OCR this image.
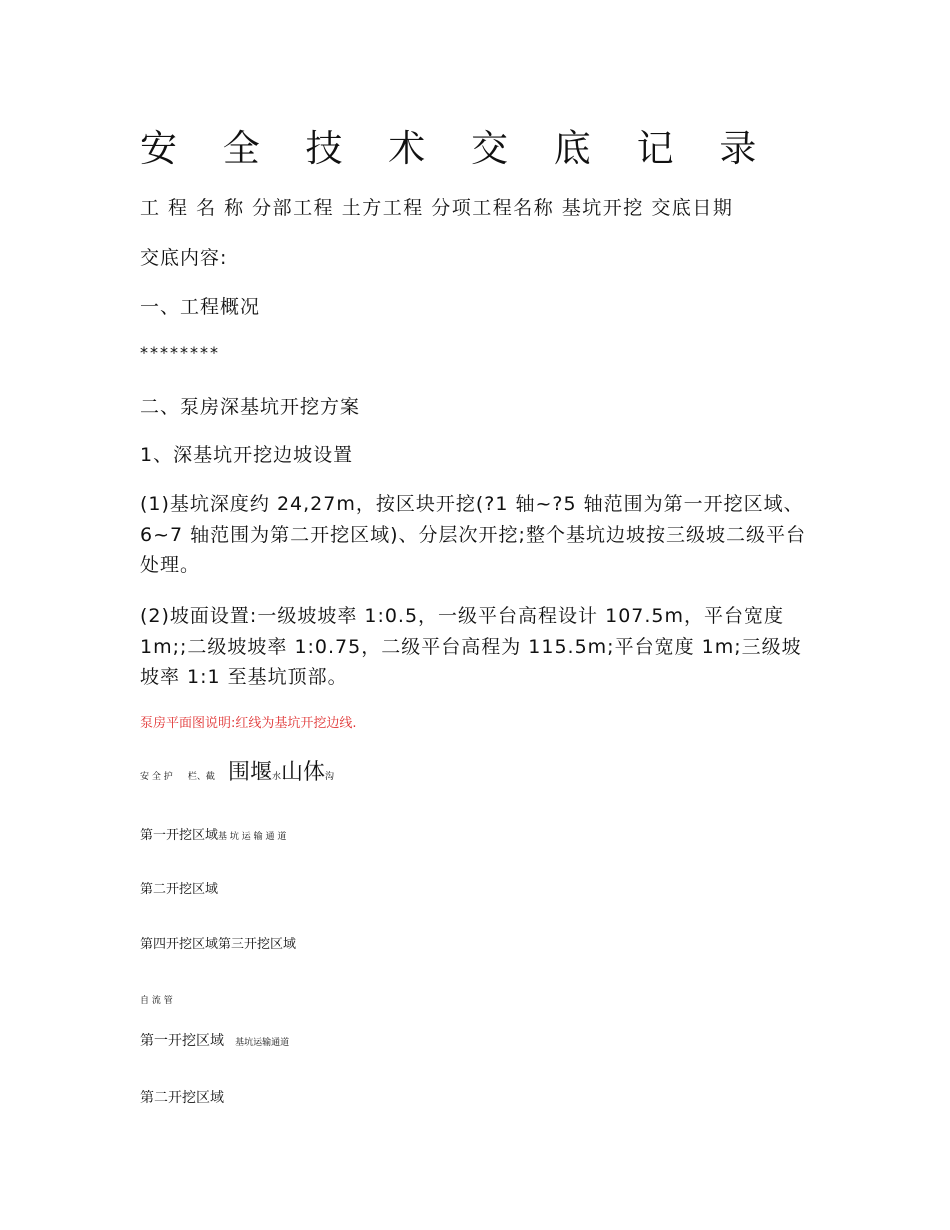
安 全 技 术 交 底 记 录
工 程 名 称 分部工程 土方工程 分项工程名称 基坑开挖 交底日期
交底内容:
一、工程概况
********
二、泵房深基坑开挖方案
1、深基坑开挖边坡设置
(1)基坑深度约 24,27m，按区块开挖(?1 轴~?5 轴范围为第一开挖区域、6~7 轴范围为第二开挖区域)、分层次开挖;整个基坑边坡按三级坡二级平台处理。
(2)坡面设置:一级坡坡率 1:0.5，一级平台高程设计 107.5m，平台宽度 1m;;二级坡坡率 1:0.75，二级平台高程为 115.5m;平台宽度 1m;三级坡坡率 1:1 至基坑顶部。
泵房平面图说明:红线为基坑开挖边线.
安 全 护 栏、截 围堰水山体沟
第一开挖区域基 坑 运 输 通 道
第二开挖区域
第四开挖区域第三开挖区域
自 流 管
第一开挖区域 基坑运输通道
第二开挖区域
